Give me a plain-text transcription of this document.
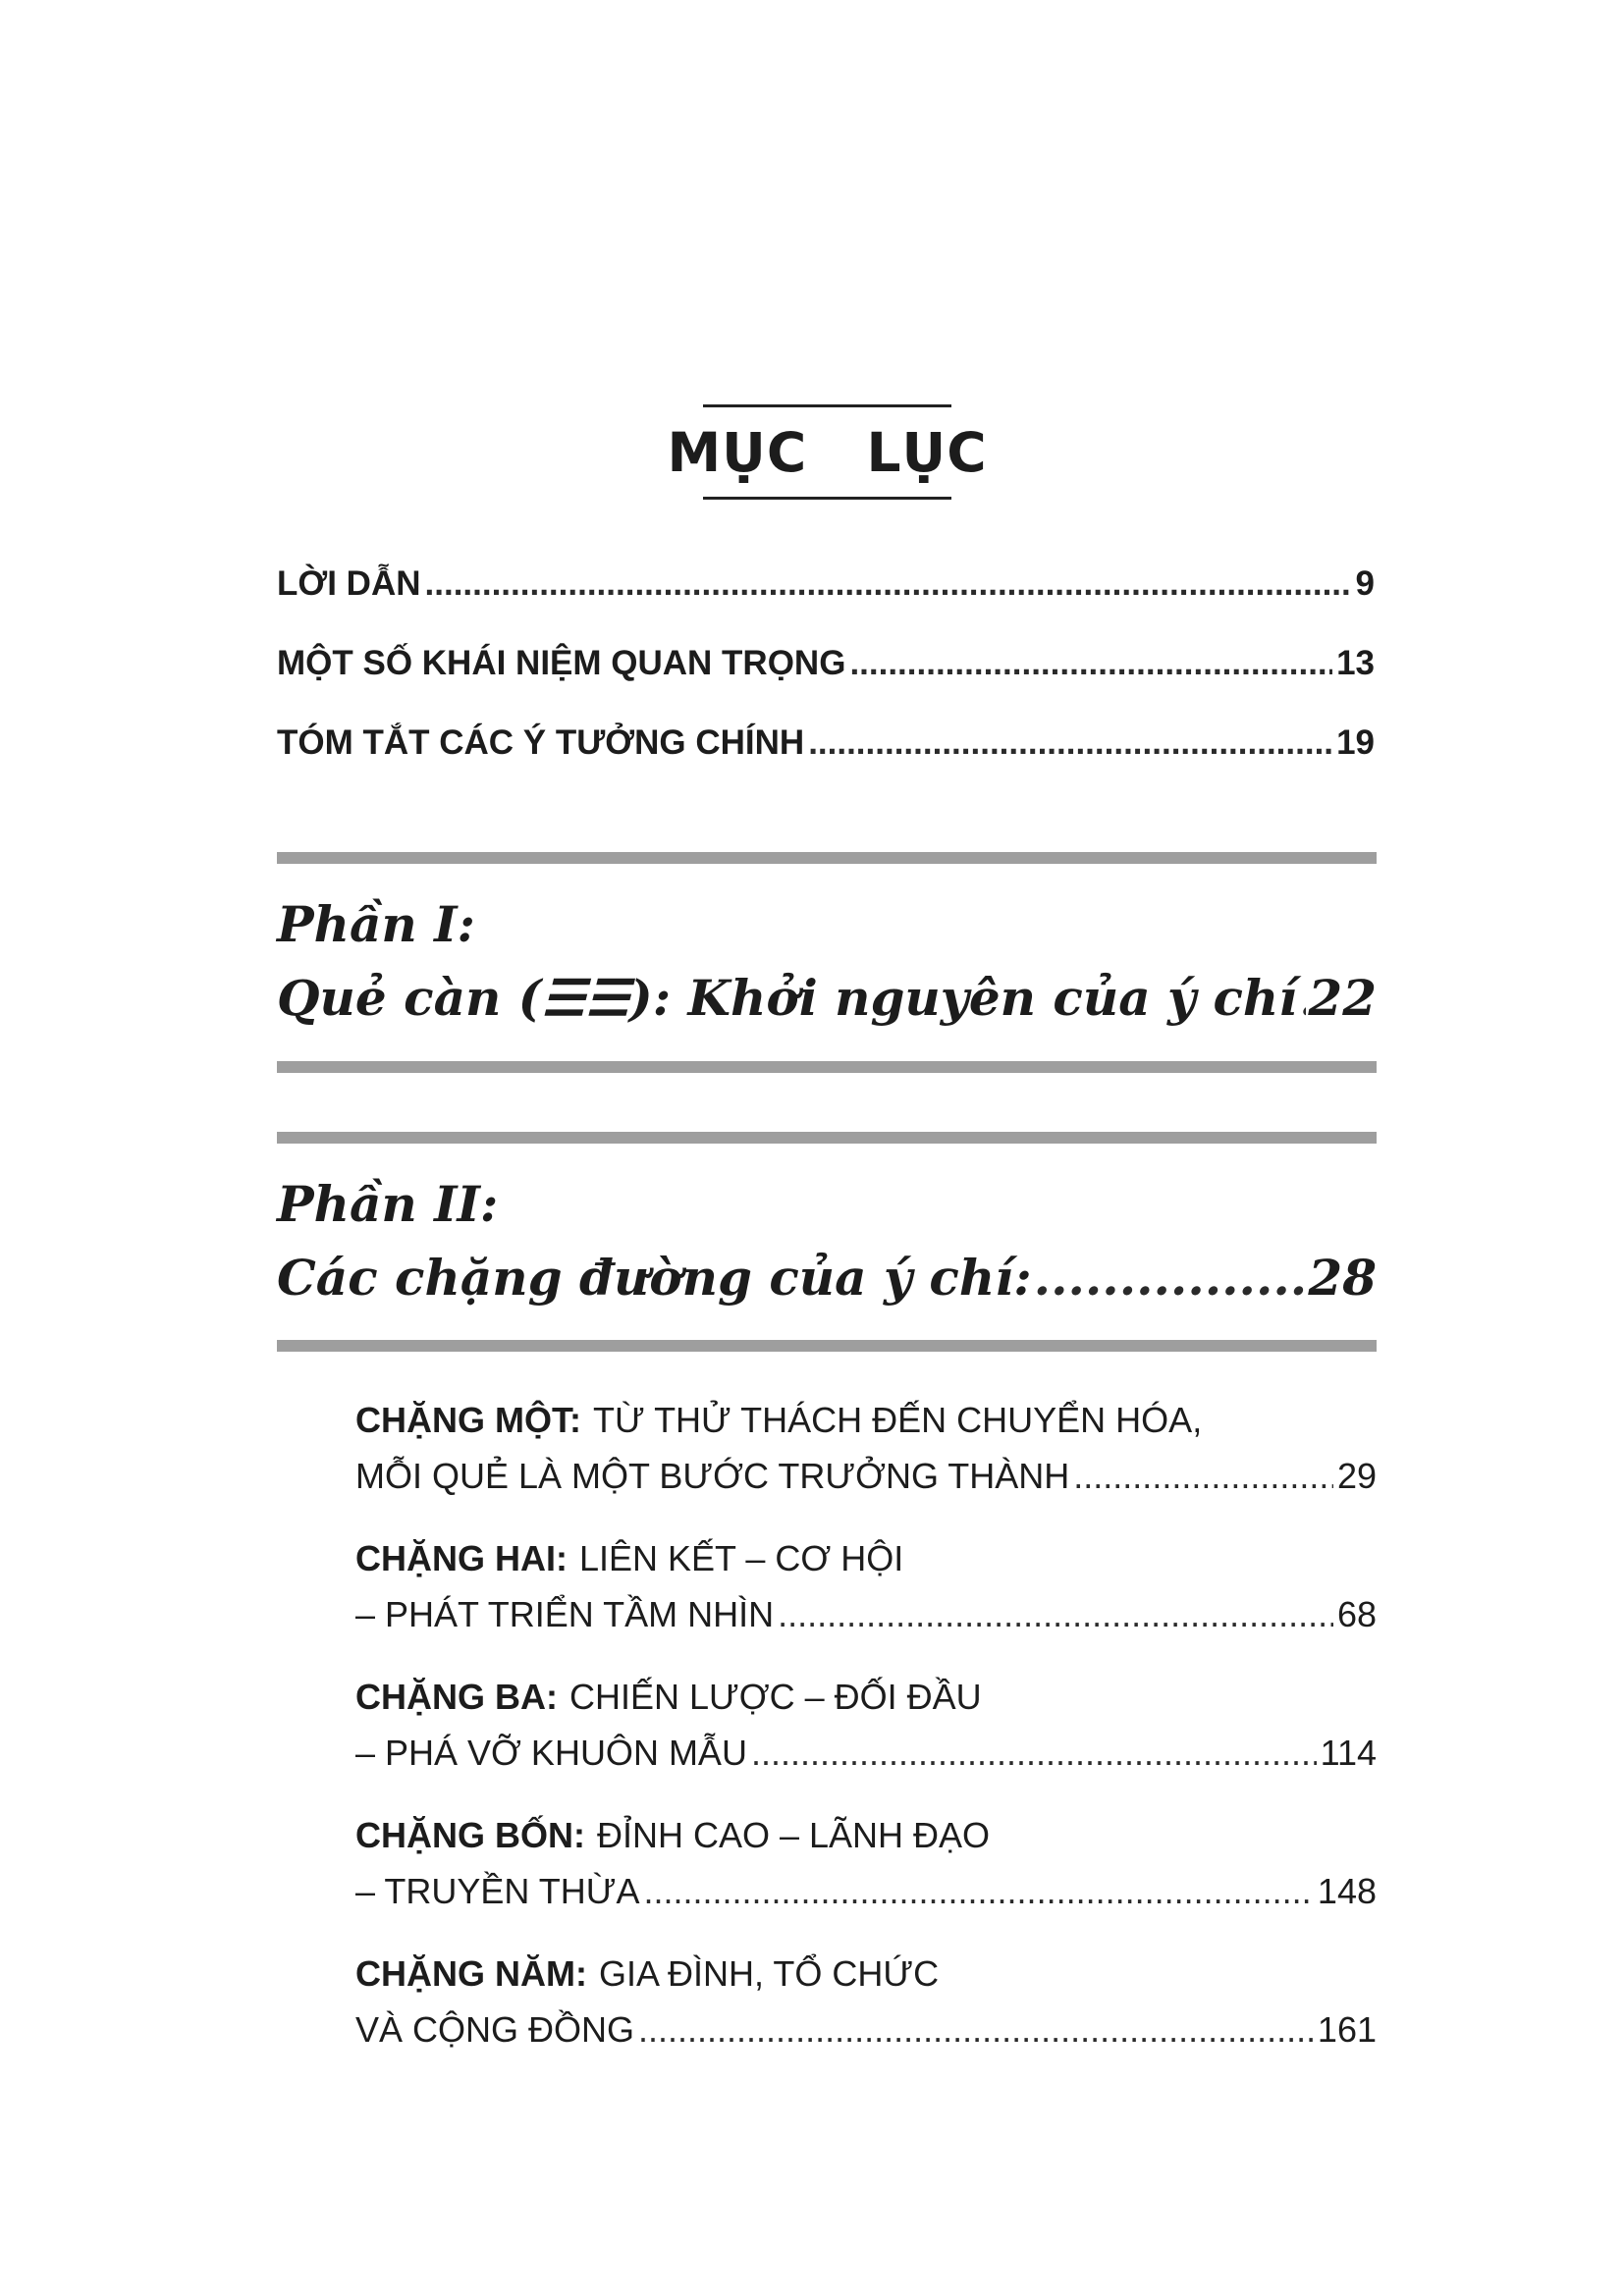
MỤC  LỤC
LỜI DẪN .....	9
MỘT SỐ KHÁI NIỆM QUAN TRỌNG .....	13
TÓM TẮT CÁC Ý TƯỞNG CHÍNH .....	19
Phần I:
Quẻ càn (☰☰): Khởi nguyên của ý chí ..... 22
Phần II:
Các chặng đường của ý chí: .....	28
CHẶNG MỘT: TỪ THỬ THÁCH ĐẾN CHUYỂN HÓA,
MỖI QUẺ LÀ MỘT BƯỚC TRƯỞNG THÀNH .....	29
CHẶNG HAI: LIÊN KẾT – CƠ HỘI
– PHÁT TRIỂN TẦM NHÌN .....	68
CHẶNG BA: CHIẾN LƯỢC – ĐỐI ĐẦU
– PHÁ VỠ KHUÔN MẪU .....	114
CHẶNG BỐN: ĐỈNH CAO – LÃNH ĐẠO
– TRUYỀN THỪA .....	148
CHẶNG NĂM: GIA ĐÌNH, TỔ CHỨC
VÀ CỘNG ĐỒNG .....	161
